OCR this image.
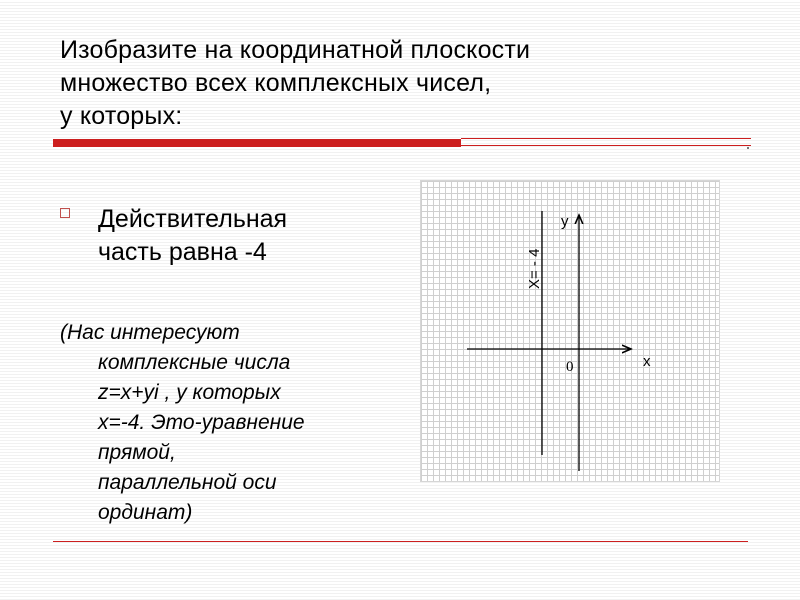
Изобразите на координатной плоскости
множество всех комплексных чисел,
у которых:
Действительная
часть равна -4
(Нас интересуют
комплексные числа
z=x+yi , у которых
x=-4. Это-уравнение
прямой,
параллельной оси
ординат)
y
x
0
X= - 4
